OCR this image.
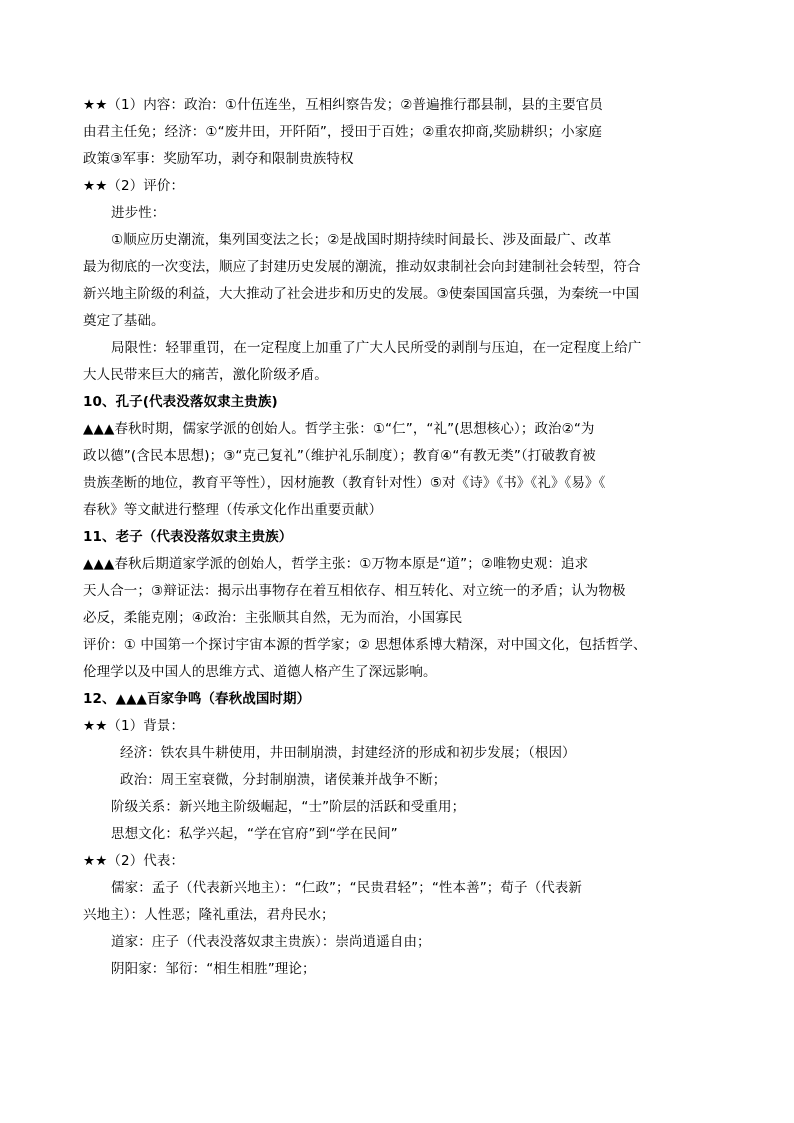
★★（1）内容：政治：①什伍连坐，互相纠察告发；②普遍推行郡县制，县的主要官员
由君主任免；经济：①“废井田，开阡陌”，授田于百姓；②重农抑商,奖励耕织；小家庭
政策③军事：奖励军功，剥夺和限制贵族特权
★★（2）评价：
进步性：
①顺应历史潮流，集列国变法之长；②是战国时期持续时间最长、涉及面最广、改革
最为彻底的一次变法，顺应了封建历史发展的潮流，推动奴隶制社会向封建制社会转型，符合
新兴地主阶级的利益，大大推动了社会进步和历史的发展。③使秦国国富兵强，为秦统一中国
奠定了基础。
局限性：轻罪重罚，在一定程度上加重了广大人民所受的剥削与压迫，在一定程度上给广
大人民带来巨大的痛苦，激化阶级矛盾。
10、孔子(代表没落奴隶主贵族)
▲▲▲春秋时期，儒家学派的创始人。哲学主张：①“仁”，“礼”(思想核心）；政治②“为
政以德”(含民本思想)；③“克己复礼”（维护礼乐制度）；教育④“有教无类”（打破教育被
贵族垄断的地位，教育平等性），因材施教（教育针对性）⑤对《诗》《书》《礼》《易》《
春秋》等文献进行整理（传承文化作出重要贡献）
11、老子（代表没落奴隶主贵族）
▲▲▲春秋后期道家学派的创始人，哲学主张：①万物本原是“道”；②唯物史观：追求
天人合一；③辩证法：揭示出事物存在着互相依存、相互转化、对立统一的矛盾；认为物极
必反，柔能克刚；④政治：主张顺其自然，无为而治，小国寡民
评价：① 中国第一个探讨宇宙本源的哲学家；② 思想体系博大精深，对中国文化，包括哲学、
伦理学以及中国人的思维方式、道德人格产生了深远影响。
12、▲▲▲百家争鸣（春秋战国时期）
★★（1）背景：
经济：铁农具牛耕使用，井田制崩溃，封建经济的形成和初步发展；（根因）
政治：周王室衰微，分封制崩溃，诸侯兼并战争不断；
阶级关系：新兴地主阶级崛起，“士”阶层的活跃和受重用；
思想文化：私学兴起，“学在官府”到“学在民间”
★★（2）代表：
儒家：孟子（代表新兴地主）：“仁政”；“民贵君轻”；“性本善”；荀子（代表新
兴地主）：人性恶；隆礼重法，君舟民水；
道家：庄子（代表没落奴隶主贵族）：崇尚逍遥自由；
阴阳家：邹衍：“相生相胜”理论；
